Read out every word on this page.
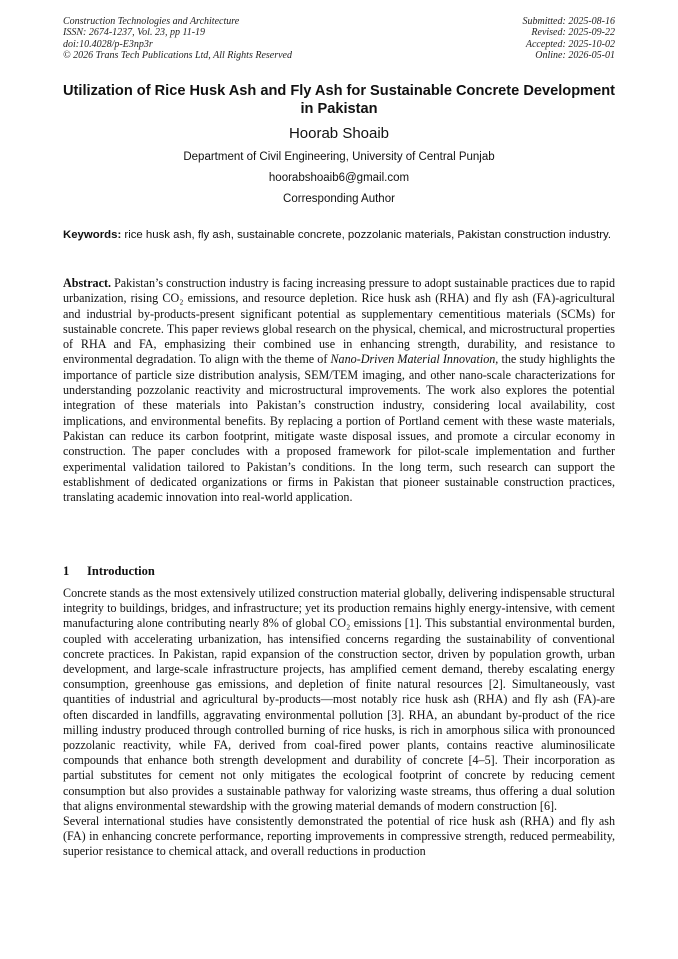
Construction Technologies and Architecture
ISSN: 2674-1237, Vol. 23, pp 11-19
doi:10.4028/p-E3np3r
© 2026 Trans Tech Publications Ltd, All Rights Reserved
Submitted: 2025-08-16
Revised: 2025-09-22
Accepted: 2025-10-02
Online: 2026-05-01
Utilization of Rice Husk Ash and Fly Ash for Sustainable Concrete Development in Pakistan
Hoorab Shoaib
Department of Civil Engineering, University of Central Punjab
hoorabshoaib6@gmail.com
Corresponding Author
Keywords: rice husk ash, fly ash, sustainable concrete, pozzolanic materials, Pakistan construction industry.

Abstract. Pakistan’s construction industry is facing increasing pressure to adopt sustainable practices due to rapid urbanization, rising CO₂ emissions, and resource depletion. Rice husk ash (RHA) and fly ash (FA)-agricultural and industrial by-products-present significant potential as supplementary cementitious materials (SCMs) for sustainable concrete. This paper reviews global research on the physical, chemical, and microstructural properties of RHA and FA, emphasizing their combined use in enhancing strength, durability, and resistance to environmental degradation. To align with the theme of Nano-Driven Material Innovation, the study highlights the importance of particle size distribution analysis, SEM/TEM imaging, and other nano-scale characterizations for understanding pozzolanic reactivity and microstructural improvements. The work also explores the potential integration of these materials into Pakistan’s construction industry, considering local availability, cost implications, and environmental benefits. By replacing a portion of Portland cement with these waste materials, Pakistan can reduce its carbon footprint, mitigate waste disposal issues, and promote a circular economy in construction. The paper concludes with a proposed framework for pilot-scale implementation and further experimental validation tailored to Pakistan’s conditions. In the long term, such research can support the establishment of dedicated organizations or firms in Pakistan that pioneer sustainable construction practices, translating academic innovation into real-world application.

1 Introduction

Concrete stands as the most extensively utilized construction material globally, delivering indispensable structural integrity to buildings, bridges, and infrastructure; yet its production remains highly energy-intensive, with cement manufacturing alone contributing nearly 8% of global CO₂ emissions [1]. This substantial environmental burden, coupled with accelerating urbanization, has intensified concerns regarding the sustainability of conventional concrete practices. In Pakistan, rapid expansion of the construction sector, driven by population growth, urban development, and large-scale infrastructure projects, has amplified cement demand, thereby escalating energy consumption, greenhouse gas emissions, and depletion of finite natural resources [2]. Simultaneously, vast quantities of industrial and agricultural by-products—most notably rice husk ash (RHA) and fly ash (FA)-are often discarded in landfills, aggravating environmental pollution [3]. RHA, an abundant by-product of the rice milling industry produced through controlled burning of rice husks, is rich in amorphous silica with pronounced pozzolanic reactivity, while FA, derived from coal-fired power plants, contains reactive aluminosilicate compounds that enhance both strength development and durability of concrete [4–5]. Their incorporation as partial substitutes for cement not only mitigates the ecological footprint of concrete by reducing cement consumption but also provides a sustainable pathway for valorizing waste streams, thus offering a dual solution that aligns environmental stewardship with the growing material demands of modern construction [6].

Several international studies have consistently demonstrated the potential of rice husk ash (RHA) and fly ash (FA) in enhancing concrete performance, reporting improvements in compressive strength, reduced permeability, superior resistance to chemical attack, and overall reductions in production
